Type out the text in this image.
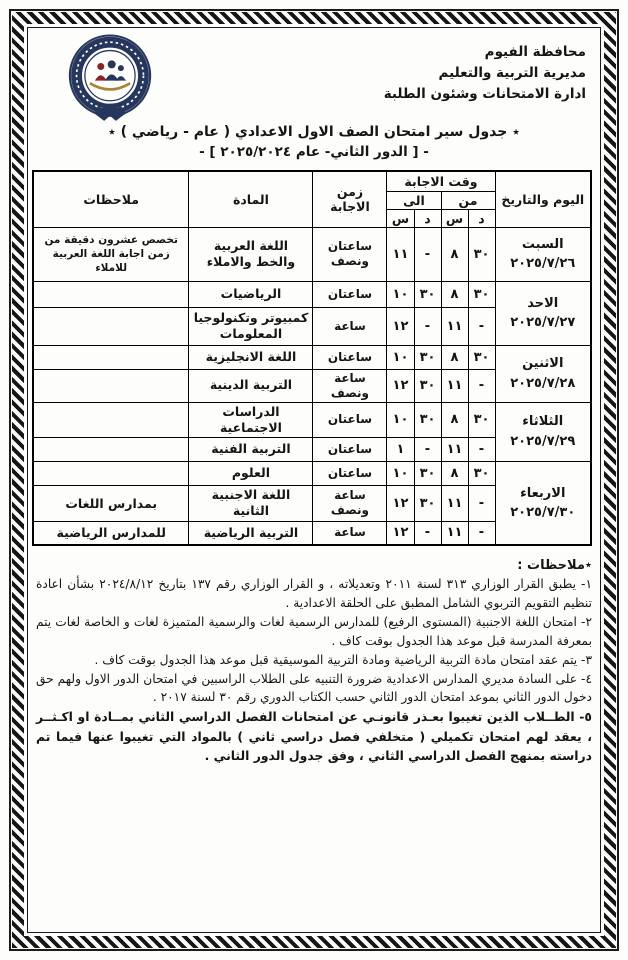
محافظة الفيوم
مديرية التربية والتعليم
ادارة الامتحانات وشئون الطلبة
٭ جدول سير امتحان الصف الاول الاعدادي ( عام - رياضي ) ٭
- [ الدور الثاني- عام ٢٠٢٥/٢٠٢٤ ] -
اليوم والتاريخ	وقت الاجابة				زمن الاجابة	المادة	ملاحظات
	من		الى				
	د	س	د	س			

السبت
٢٠٢٥/٧/٢٦	٣٠	٨	-	١١	ساعتان ونصف	اللغة العربية والخط والاملاء	تخصص عشرون دقيقة من زمن اجابة اللغة العربية للاملاء

الاحد
٢٠٢٥/٧/٢٧	٣٠	٨	٣٠	١٠	ساعتان	الرياضيات	
	-	١١	-	١٢	ساعة	كمبيوتر وتكنولوجيا المعلومات	

الاثنين
٢٠٢٥/٧/٢٨	٣٠	٨	٣٠	١٠	ساعتان	اللغة الانجليزية	
	-	١١	٣٠	١٢	ساعة ونصف	التربية الدينية	

الثلاثاء
٢٠٢٥/٧/٢٩	٣٠	٨	٣٠	١٠	ساعتان	الدراسات الاجتماعية	
	-	١١	-	١	ساعتان	التربية الفنية	

الاربعاء
٢٠٢٥/٧/٣٠	٣٠	٨	٣٠	١٠	ساعتان	العلوم	
	-	١١	٣٠	١٢	ساعة ونصف	اللغة الاجنبية الثانية	بمدارس اللغات
	-	١١	-	١٢	ساعة	التربية الرياضية	للمدارس الرياضية
٭ملاحظات :
١- يطبق القرار الوزاري ٣١٣ لسنة ٢٠١١ وتعديلاته ، و القرار الوزاري رقم ١٣٧ بتاريخ ٢٠٢٤/٨/١٢ بشأن اعادة تنظيم التقويم التربوي الشامل المطبق على الحلقة الاعدادية .
٢- امتحان اللغة الاجنبية (المستوى الرفيع) للمدارس الرسمية لغات والرسمية المتميزة لغات و الخاصة لغات يتم بمعرفة المدرسة قبل موعد هذا الجدول بوقت كاف .
٣- يتم عقد امتحان مادة التربية الرياضية ومادة التربية الموسيقية قبل موعد هذا الجدول بوقت كاف .
٤- على السادة مديري المدارس الاعدادية ضرورة التنبيه على الطلاب الراسبين في امتحان الدور الاول ولهم حق دخول الدور الثاني بموعد امتحان الدور الثاني حسب الكتاب الدوري رقم ٣٠ لسنة ٢٠١٧ .
٥- الطــلاب الذين تغيبوا بعـذر قانونـي عن امتحانات الفصل الدراسي الثاني بمــادة او اكـثــر ، يعقد لهم امتحان تكميلي ( متخلفي فصل دراسي ثاني ) بالمواد التي تغيبوا عنها فيما تم دراسته بمنهج الفصل الدراسي الثاني ، وفق جدول الدور الثاني .
